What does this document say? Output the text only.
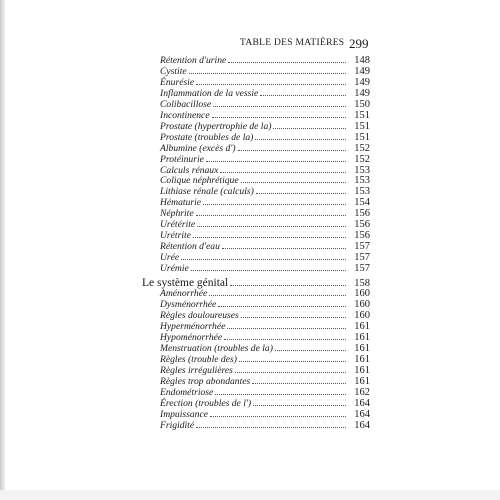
TABLE DES MATIÈRES 299
Rétention d'urine	148
Cystite	149
Énurésie	149
Inflammation de la vessie	149
Colibacillose	150
Incontinence	151
Prostate (hypertrophie de la)	151
Prostate (troubles de la)	151
Albumine (excès d')	152
Protéinurie	152
Calculs rénaux	153
Colique néphrétique	153
Lithiase rénale (calculs)	153
Hématurie	154
Néphrite	156
Urétérite	156
Urétrite	156
Rétention d'eau	157
Urée	157
Urémie	157
Le système génital	158
Aménorrhée	160
Dysménorrhée	160
Règles douloureuses	160
Hyperménorrhée	161
Hypoménorrhée	161
Menstruation (troubles de la)	161
Règles (trouble des)	161
Règles irrégulières	161
Règles trop abondantes	161
Endométriose	162
Érection (troubles de l')	164
Impuissance	164
Frigidité	164
